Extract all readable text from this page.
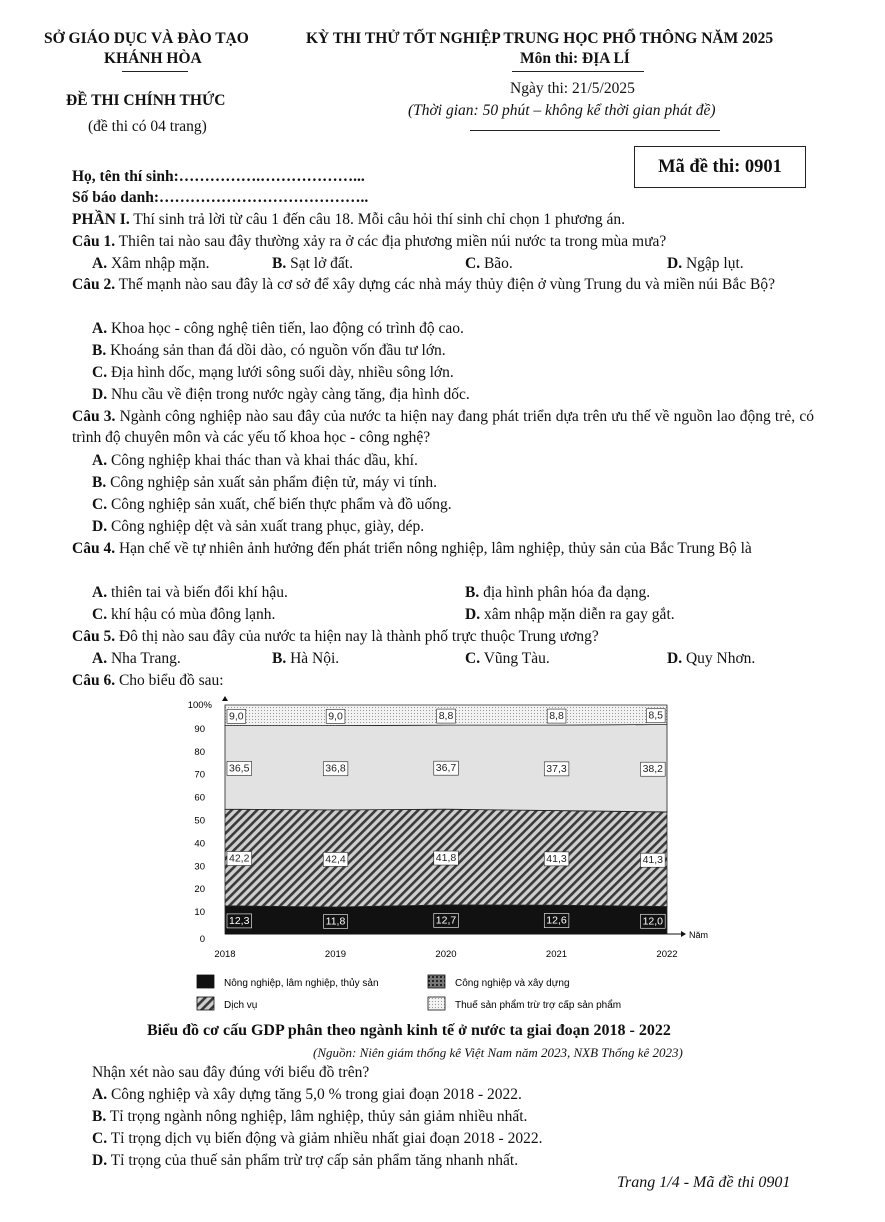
SỞ GIÁO DỤC VÀ ĐÀO TẠO
KHÁNH HÒA
KỲ THI THỬ TỐT NGHIỆP TRUNG HỌC PHỔ THÔNG NĂM 2025
Môn thi: ĐỊA LÍ
ĐỀ THI CHÍNH THỨC
(đề thi có 04 trang)
Ngày thi: 21/5/2025
(Thời gian: 50 phút – không kể thời gian phát đề)
Mã đề thi: 0901
Họ, tên thí sinh:…………….………………...
Số báo danh:…………………………………..
PHẦN I. Thí sinh trả lời từ câu 1 đến câu 18. Mỗi câu hỏi thí sinh chỉ chọn 1 phương án.
Câu 1. Thiên tai nào sau đây thường xảy ra ở các địa phương miền núi nước ta trong mùa mưa?
A. Xâm nhập mặn.	B. Sạt lở đất.	C. Bão.	D. Ngập lụt.
Câu 2. Thế mạnh nào sau đây là cơ sở để xây dựng các nhà máy thủy điện ở vùng Trung du và miền núi Bắc Bộ?
A. Khoa học - công nghệ tiên tiến, lao động có trình độ cao.
B. Khoáng sản than đá dồi dào, có nguồn vốn đầu tư lớn.
C. Địa hình dốc, mạng lưới sông suối dày, nhiều sông lớn.
D. Nhu cầu về điện trong nước ngày càng tăng, địa hình dốc.
Câu 3. Ngành công nghiệp nào sau đây của nước ta hiện nay đang phát triển dựa trên ưu thế về nguồn lao động trẻ, có trình độ chuyên môn và các yếu tố khoa học - công nghệ?
A. Công nghiệp khai thác than và khai thác dầu, khí.
B. Công nghiệp sản xuất sản phẩm điện tử, máy vi tính.
C. Công nghiệp sản xuất, chế biến thực phẩm và đồ uống.
D. Công nghiệp dệt và sản xuất trang phục, giày, dép.
Câu 4. Hạn chế về tự nhiên ảnh hưởng đến phát triển nông nghiệp, lâm nghiệp, thủy sản của Bắc Trung Bộ là
A. thiên tai và biến đổi khí hậu.	B. địa hình phân hóa đa dạng.
C. khí hậu có mùa đông lạnh.	D. xâm nhập mặn diễn ra gay gắt.
Câu 5. Đô thị nào sau đây của nước ta hiện nay là thành phố trực thuộc Trung ương?
A. Nha Trang.	B. Hà Nội.	C. Vũng Tàu.	D. Quy Nhơn.
Câu 6. Cho biểu đồ sau:
Năm
100%
0
10
20
30
40
50
60
70
80
90
2018	2019	2020	2021	2022
12,3	11,8	12,7	12,6	12,0
42,2	42,4	41,8	41,3	41,3
36,5	36,8	36,7	37,3	38,2
9,0	9,0	8,8	8,8	8,5
Nông nghiệp, lâm nghiệp, thủy sản	Công nghiệp và xây dựng
Dịch vụ	Thuế sản phẩm trừ trợ cấp sản phẩm
Biểu đồ cơ cấu GDP phân theo ngành kinh tế ở nước ta giai đoạn 2018 - 2022
(Nguồn: Niên giám thống kê Việt Nam năm 2023, NXB Thống kê 2023)
Nhận xét nào sau đây đúng với biểu đồ trên?
A. Công nghiệp và xây dựng tăng 5,0 % trong giai đoạn 2018 - 2022.
B. Tỉ trọng ngành nông nghiệp, lâm nghiệp, thủy sản giảm nhiều nhất.
C. Tỉ trọng dịch vụ biến động và giảm nhiều nhất giai đoạn 2018 - 2022.
D. Tỉ trọng của thuế sản phẩm trừ trợ cấp sản phẩm tăng nhanh nhất.
Trang 1/4 - Mã đề thi 0901
